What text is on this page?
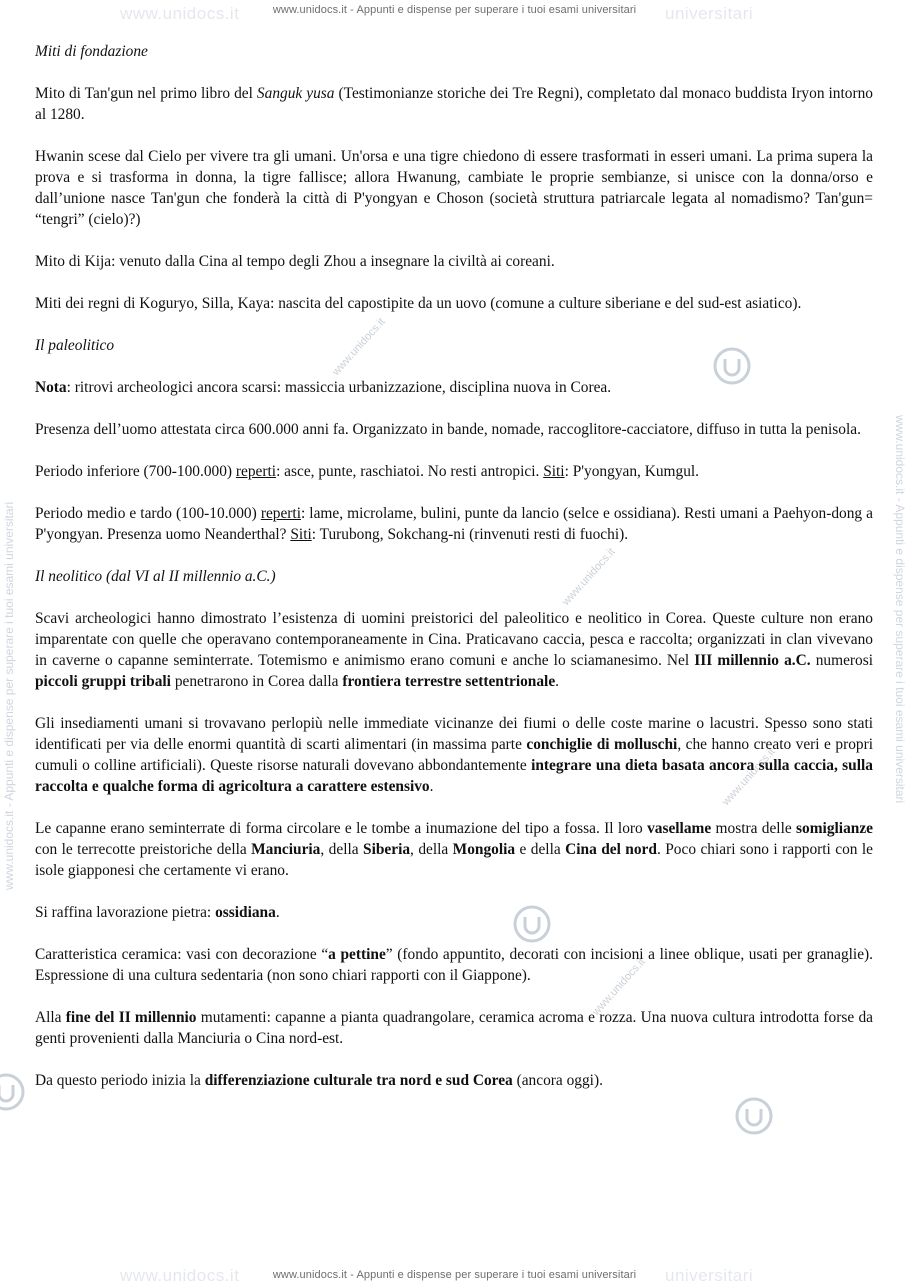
www.unidocs.it	universitari
www.unidocs.it	universitari
www.unidocs.it
www.unidocs.it
www.unidocs.it
www.unidocs.it
www.unidocs.it - Appunti e dispense per superare i tuoi esami universitari	www.unidocs.it - Appunti e dispense per superare i tuoi esami universitari
www.unidocs.it - Appunti e dispense per superare i tuoi esami universitari
www.unidocs.it - Appunti e dispense per superare i tuoi esami universitari
Miti di fondazione

Mito di Tan'gun nel primo libro del Sanguk yusa (Testimonianze storiche dei Tre Regni), completato dal monaco buddista Iryon intorno al 1280.

Hwanin scese dal Cielo per vivere tra gli umani. Un'orsa e una tigre chiedono di essere trasformati in esseri umani. La prima supera la prova e si trasforma in donna, la tigre fallisce; allora Hwanung, cambiate le proprie sembianze, si unisce con la donna/orso e dall’unione nasce Tan'gun che fonderà la città di P'yongyan e Choson (società struttura patriarcale legata al nomadismo? Tan'gun= “tengri” (cielo)?)

Mito di Kija: venuto dalla Cina al tempo degli Zhou a insegnare la civiltà ai coreani.

Miti dei regni di Koguryo, Silla, Kaya: nascita del capostipite da un uovo (comune a culture siberiane e del sud-est asiatico).

Il paleolitico

Nota: ritrovi archeologici ancora scarsi: massiccia urbanizzazione, disciplina nuova in Corea.

Presenza dell’uomo attestata circa 600.000 anni fa. Organizzato in bande, nomade, raccoglitore-cacciatore, diffuso in tutta la penisola.

Periodo inferiore (700-100.000) reperti: asce, punte, raschiatoi. No resti antropici. Siti: P'yongyan, Kumgul.

Periodo medio e tardo (100-10.000) reperti: lame, microlame, bulini, punte da lancio (selce e ossidiana). Resti umani a Paehyon-dong a P'yongyan. Presenza uomo Neanderthal? Siti: Turubong, Sokchang-ni (rinvenuti resti di fuochi).

Il neolitico (dal VI al II millennio a.C.)

Scavi archeologici hanno dimostrato l’esistenza di uomini preistorici del paleolitico e neolitico in Corea. Queste culture non erano imparentate con quelle che operavano contemporaneamente in Cina. Praticavano caccia, pesca e raccolta; organizzati in clan vivevano in caverne o capanne seminterrate. Totemismo e animismo erano comuni e anche lo sciamanesimo. Nel III millennio a.C. numerosi piccoli gruppi tribali penetrarono in Corea dalla frontiera terrestre settentrionale.

Gli insediamenti umani si trovavano perlopiù nelle immediate vicinanze dei fiumi o delle coste marine o lacustri. Spesso sono stati identificati per via delle enormi quantità di scarti alimentari (in massima parte conchiglie di molluschi, che hanno creato veri e propri cumuli o colline artificiali). Queste risorse naturali dovevano abbondantemente integrare una dieta basata ancora sulla caccia, sulla raccolta e qualche forma di agricoltura a carattere estensivo.

Le capanne erano seminterrate di forma circolare e le tombe a inumazione del tipo a fossa. Il loro vasellame mostra delle somiglianze con le terrecotte preistoriche della Manciuria, della Siberia, della Mongolia e della Cina del nord. Poco chiari sono i rapporti con le isole giapponesi che certamente vi erano.

Si raffina lavorazione pietra: ossidiana.

Caratteristica ceramica: vasi con decorazione “a pettine” (fondo appuntito, decorati con incisioni a linee oblique, usati per granaglie). Espressione di una cultura sedentaria (non sono chiari rapporti con il Giappone).

Alla fine del II millennio mutamenti: capanne a pianta quadrangolare, ceramica acroma e rozza. Una nuova cultura introdotta forse da genti provenienti dalla Manciuria o Cina nord-est.

Da questo periodo inizia la differenziazione culturale tra nord e sud Corea (ancora oggi).
